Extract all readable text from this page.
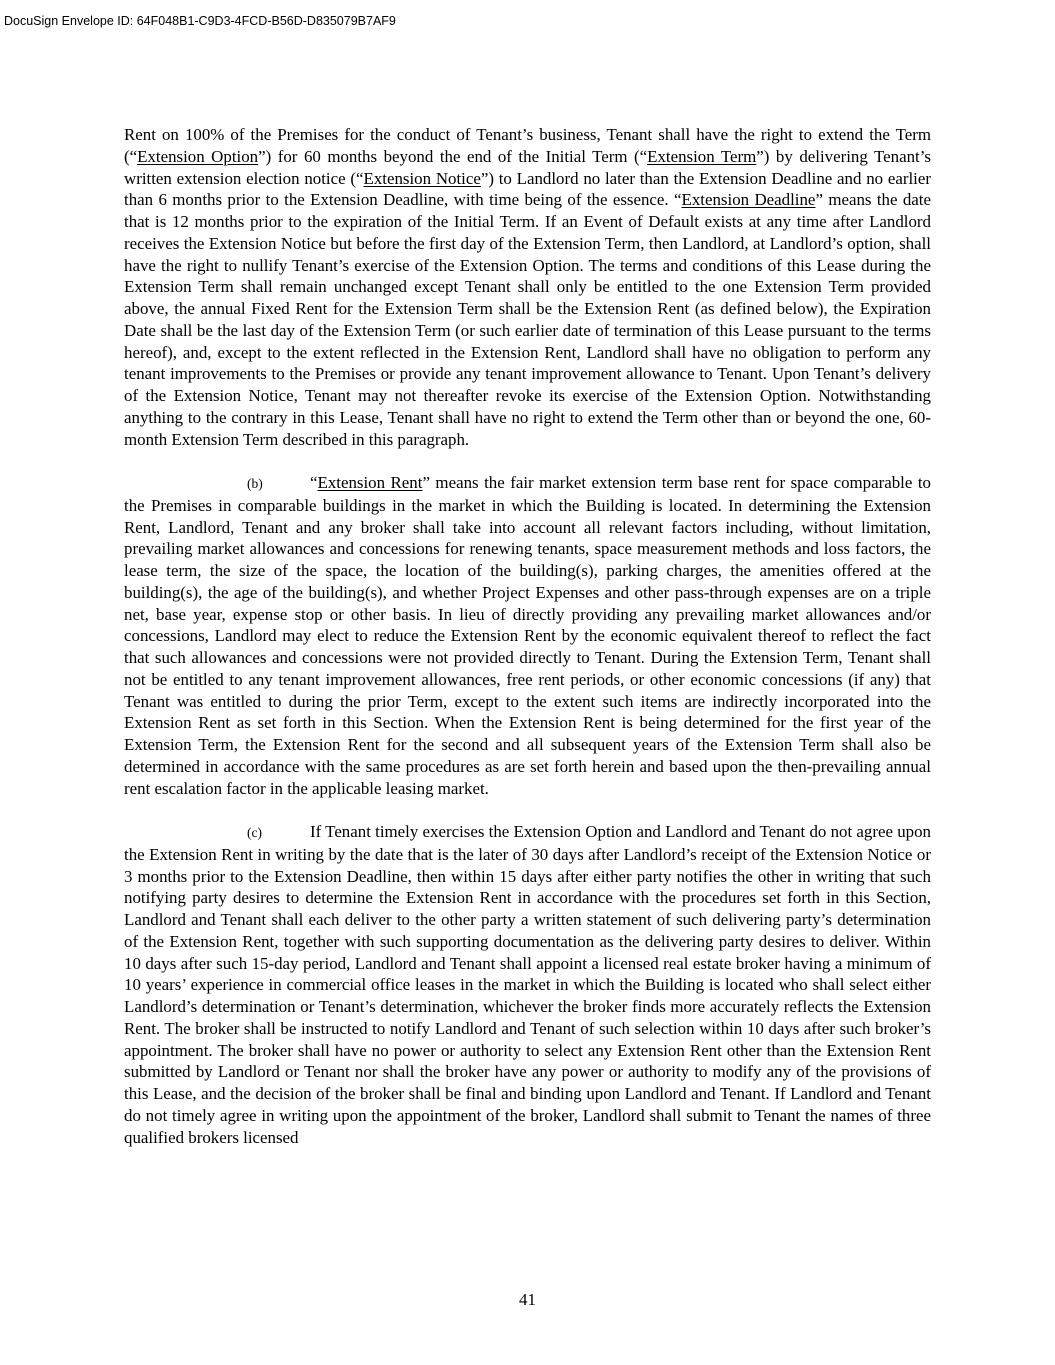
DocuSign Envelope ID: 64F048B1-C9D3-4FCD-B56D-D835079B7AF9

Rent on 100% of the Premises for the conduct of Tenant’s business, Tenant shall have the right to extend the Term (“Extension Option”) for 60 months beyond the end of the Initial Term (“Extension Term”) by delivering Tenant’s written extension election notice (“Extension Notice”) to Landlord no later than the Extension Deadline and no earlier than 6 months prior to the Extension Deadline, with time being of the essence. “Extension Deadline” means the date that is 12 months prior to the expiration of the Initial Term. If an Event of Default exists at any time after Landlord receives the Extension Notice but before the first day of the Extension Term, then Landlord, at Landlord’s option, shall have the right to nullify Tenant’s exercise of the Extension Option. The terms and conditions of this Lease during the Extension Term shall remain unchanged except Tenant shall only be entitled to the one Extension Term provided above, the annual Fixed Rent for the Extension Term shall be the Extension Rent (as defined below), the Expiration Date shall be the last day of the Extension Term (or such earlier date of termination of this Lease pursuant to the terms hereof), and, except to the extent reflected in the Extension Rent, Landlord shall have no obligation to perform any tenant improvements to the Premises or provide any tenant improvement allowance to Tenant. Upon Tenant’s delivery of the Extension Notice, Tenant may not thereafter revoke its exercise of the Extension Option. Notwithstanding anything to the contrary in this Lease, Tenant shall have no right to extend the Term other than or beyond the one, 60-month Extension Term described in this paragraph.

(b)	“Extension Rent” means the fair market extension term base rent for space comparable to the Premises in comparable buildings in the market in which the Building is located. In determining the Extension Rent, Landlord, Tenant and any broker shall take into account all relevant factors including, without limitation, prevailing market allowances and concessions for renewing tenants, space measurement methods and loss factors, the lease term, the size of the space, the location of the building(s), parking charges, the amenities offered at the building(s), the age of the building(s), and whether Project Expenses and other pass-through expenses are on a triple net, base year, expense stop or other basis. In lieu of directly providing any prevailing market allowances and/or concessions, Landlord may elect to reduce the Extension Rent by the economic equivalent thereof to reflect the fact that such allowances and concessions were not provided directly to Tenant. During the Extension Term, Tenant shall not be entitled to any tenant improvement allowances, free rent periods, or other economic concessions (if any) that Tenant was entitled to during the prior Term, except to the extent such items are indirectly incorporated into the Extension Rent as set forth in this Section. When the Extension Rent is being determined for the first year of the Extension Term, the Extension Rent for the second and all subsequent years of the Extension Term shall also be determined in accordance with the same procedures as are set forth herein and based upon the then-prevailing annual rent escalation factor in the applicable leasing market.

(c)	If Tenant timely exercises the Extension Option and Landlord and Tenant do not agree upon the Extension Rent in writing by the date that is the later of 30 days after Landlord’s receipt of the Extension Notice or 3 months prior to the Extension Deadline, then within 15 days after either party notifies the other in writing that such notifying party desires to determine the Extension Rent in accordance with the procedures set forth in this Section, Landlord and Tenant shall each deliver to the other party a written statement of such delivering party’s determination of the Extension Rent, together with such supporting documentation as the delivering party desires to deliver. Within 10 days after such 15-day period, Landlord and Tenant shall appoint a licensed real estate broker having a minimum of 10 years’ experience in commercial office leases in the market in which the Building is located who shall select either Landlord’s determination or Tenant’s determination, whichever the broker finds more accurately reflects the Extension Rent. The broker shall be instructed to notify Landlord and Tenant of such selection within 10 days after such broker’s appointment. The broker shall have no power or authority to select any Extension Rent other than the Extension Rent submitted by Landlord or Tenant nor shall the broker have any power or authority to modify any of the provisions of this Lease, and the decision of the broker shall be final and binding upon Landlord and Tenant. If Landlord and Tenant do not timely agree in writing upon the appointment of the broker, Landlord shall submit to Tenant the names of three qualified brokers licensed

41
